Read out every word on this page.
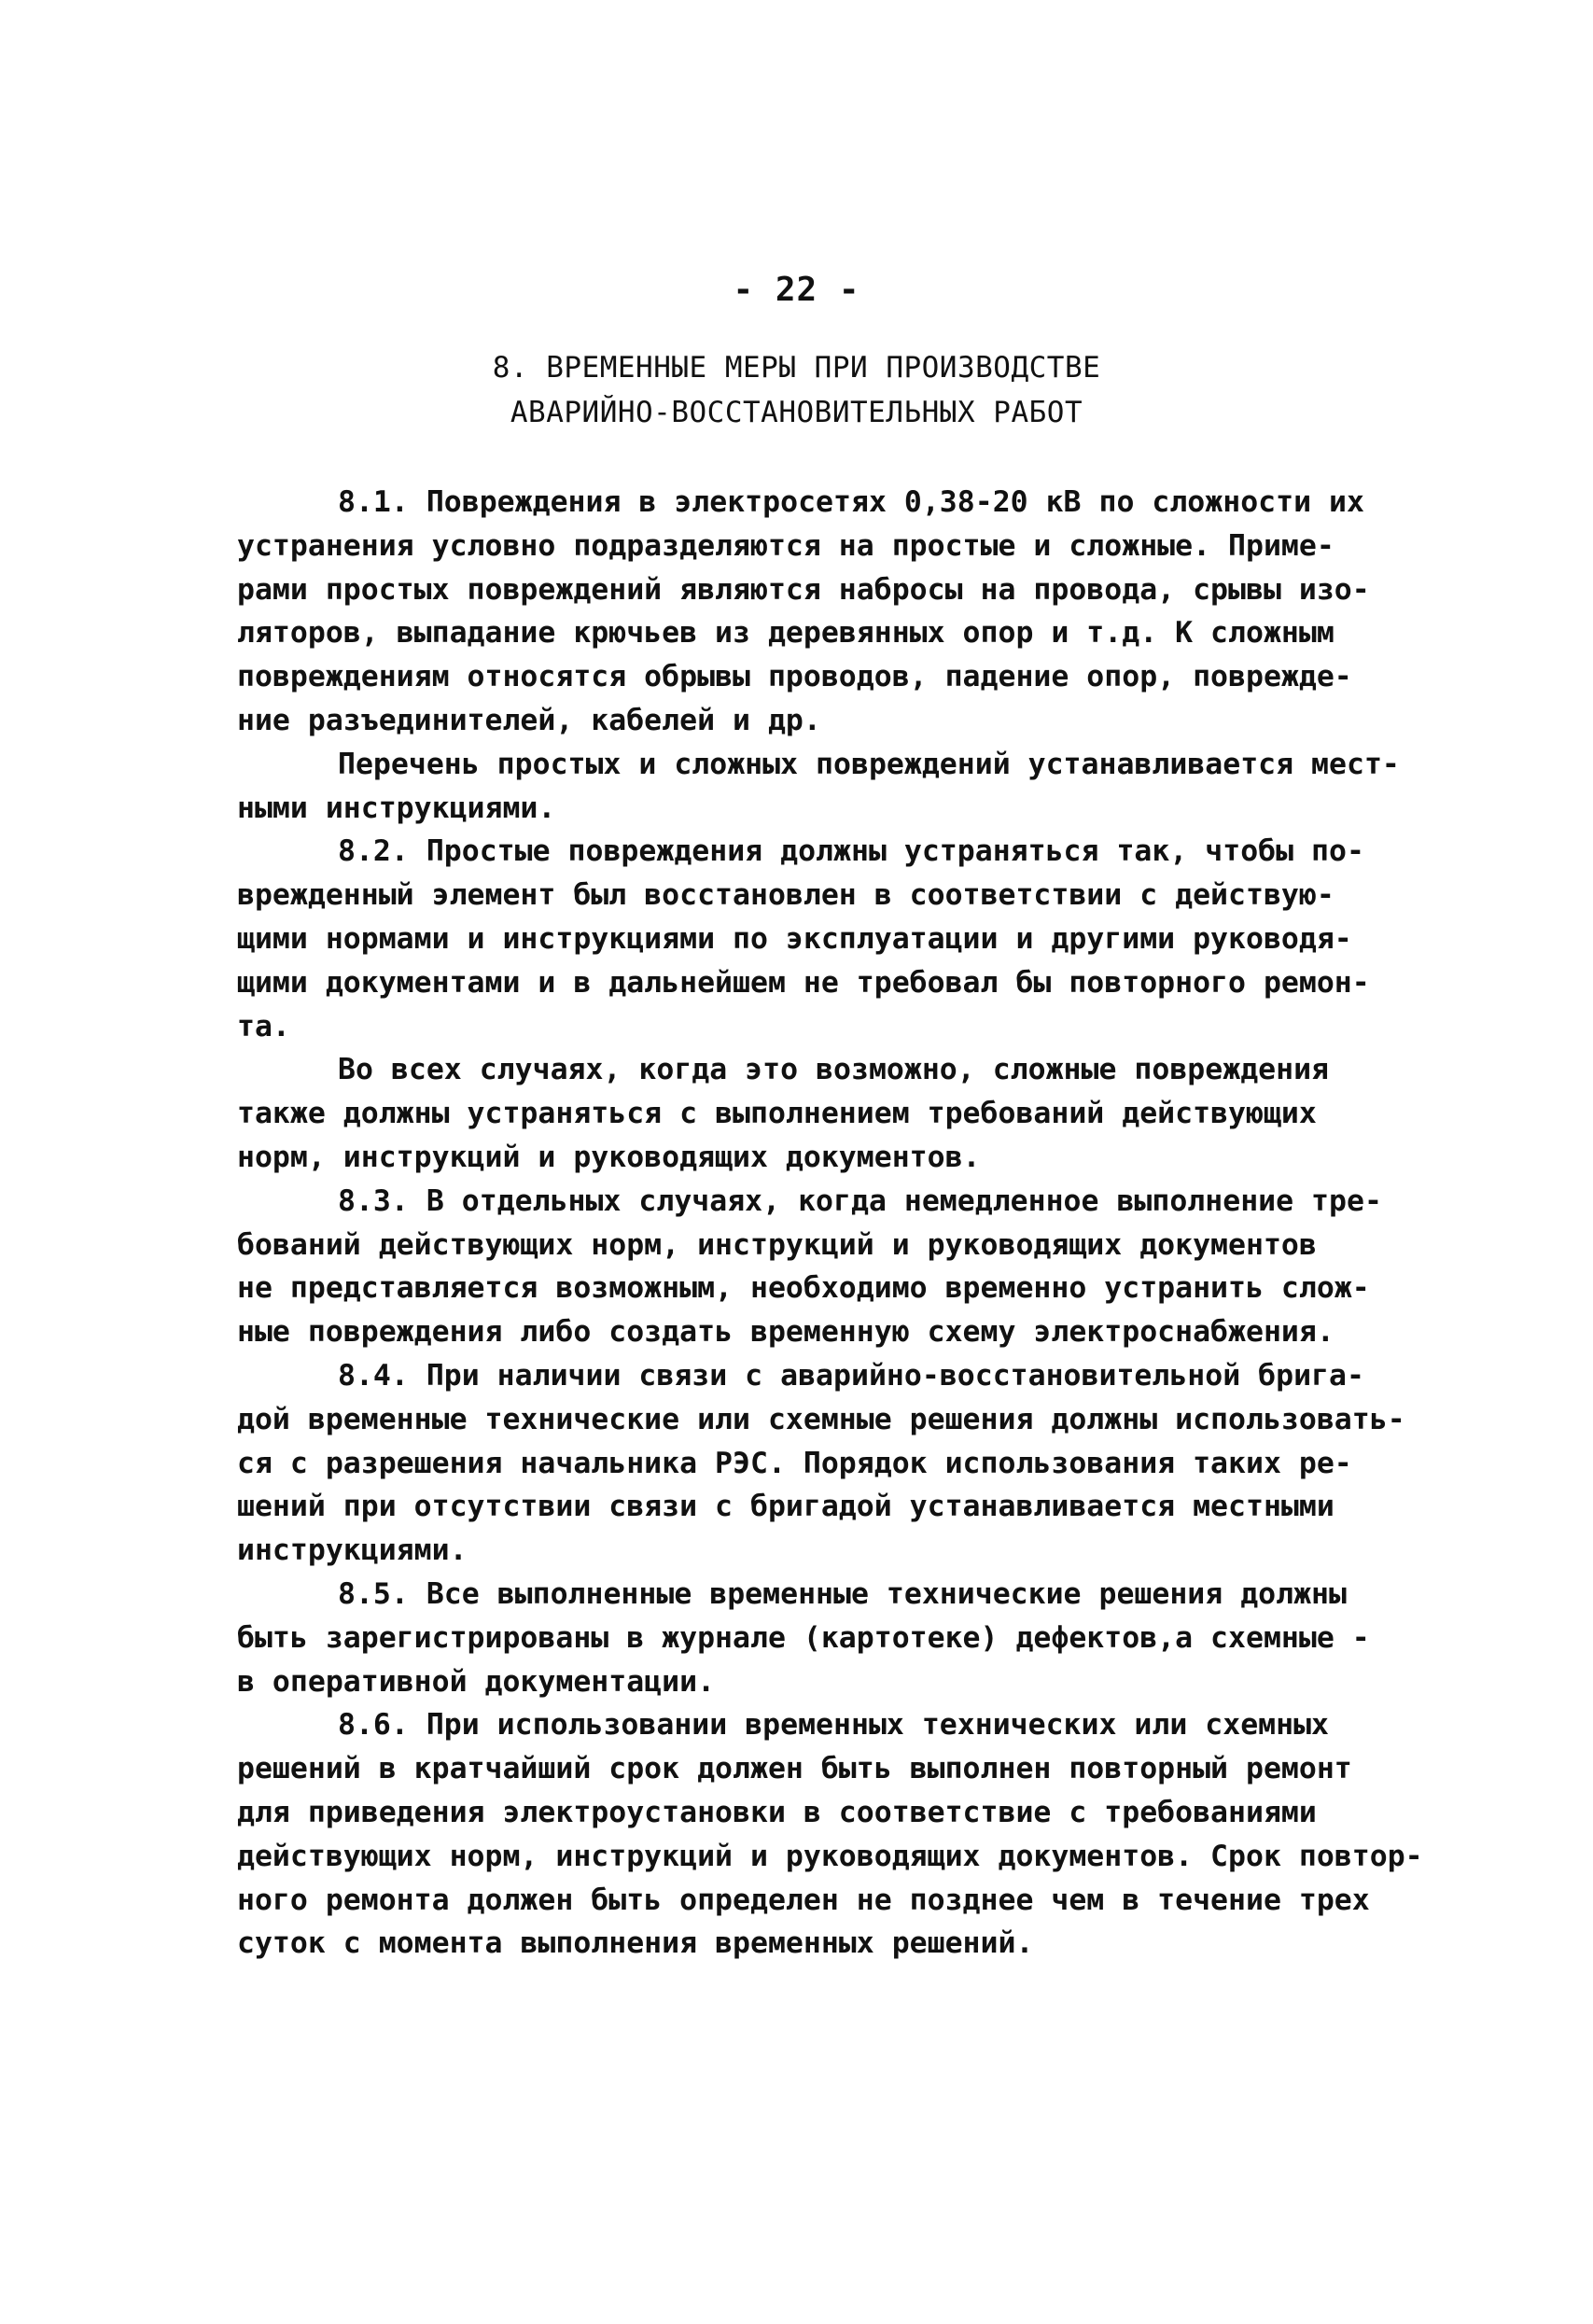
- 22 -
8. ВРЕМЕННЫЕ МЕРЫ ПРИ ПРОИЗВОДСТВЕ
АВАРИЙНО-ВОССТАНОВИТЕЛЬНЫХ РАБОТ
8.1. Повреждения в электросетях 0,38-20 кВ по сложности их
устранения условно подразделяются на простые и сложные. Приме-
рами простых повреждений являются набросы на провода, срывы изо-
ляторов, выпадание крючьев из деревянных опор и т.д. К сложным
повреждениям относятся обрывы проводов, падение опор, поврежде-
ние разъединителей, кабелей и др.
Перечень простых и сложных повреждений устанавливается мест-
ными инструкциями.
8.2. Простые повреждения должны устраняться так, чтобы по-
врежденный элемент был восстановлен в соответствии с действую-
щими нормами и инструкциями по эксплуатации и другими руководя-
щими документами и в дальнейшем не требовал бы повторного ремон-
та.
Во всех случаях, когда это возможно, сложные повреждения
также должны устраняться с выполнением требований действующих
норм, инструкций и руководящих документов.
8.3. В отдельных случаях, когда немедленное выполнение тре-
бований действующих норм, инструкций и руководящих документов
не представляется возможным, необходимо временно устранить слож-
ные повреждения либо создать временную схему электроснабжения.
8.4. При наличии связи с аварийно-восстановительной брига-
дой временные технические или схемные решения должны использовать-
ся с разрешения начальника РЭС. Порядок использования таких ре-
шений при отсутствии связи с бригадой устанавливается местными
инструкциями.
8.5. Все выполненные временные технические решения должны
быть зарегистрированы в журнале (картотеке) дефектов,а схемные -
в оперативной документации.
8.6. При использовании временных технических или схемных
решений в кратчайший срок должен быть выполнен повторный ремонт
для приведения электроустановки в соответствие с требованиями
действующих норм, инструкций и руководящих документов. Срок повтор-
ного ремонта должен быть определен не позднее чем в течение трех
суток с момента выполнения временных решений.
